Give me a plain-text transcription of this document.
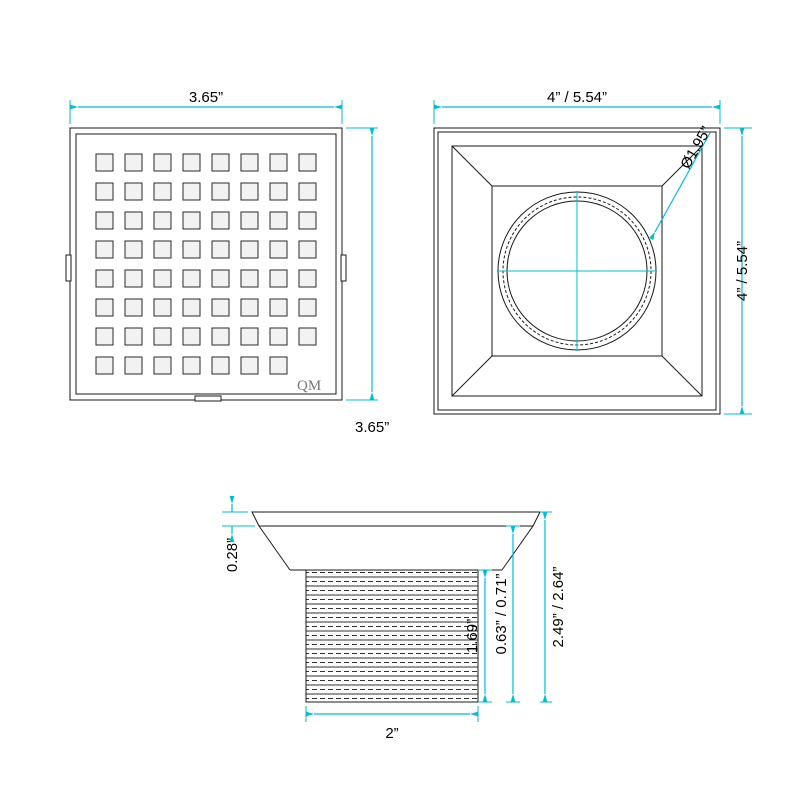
QM
3.65”
3.65”
4” / 5.54”
4” / 5.54”
Ø1.95”
0.28”
1.69” 0.63” / 0.71”	2.49” / 2.64”
2”
